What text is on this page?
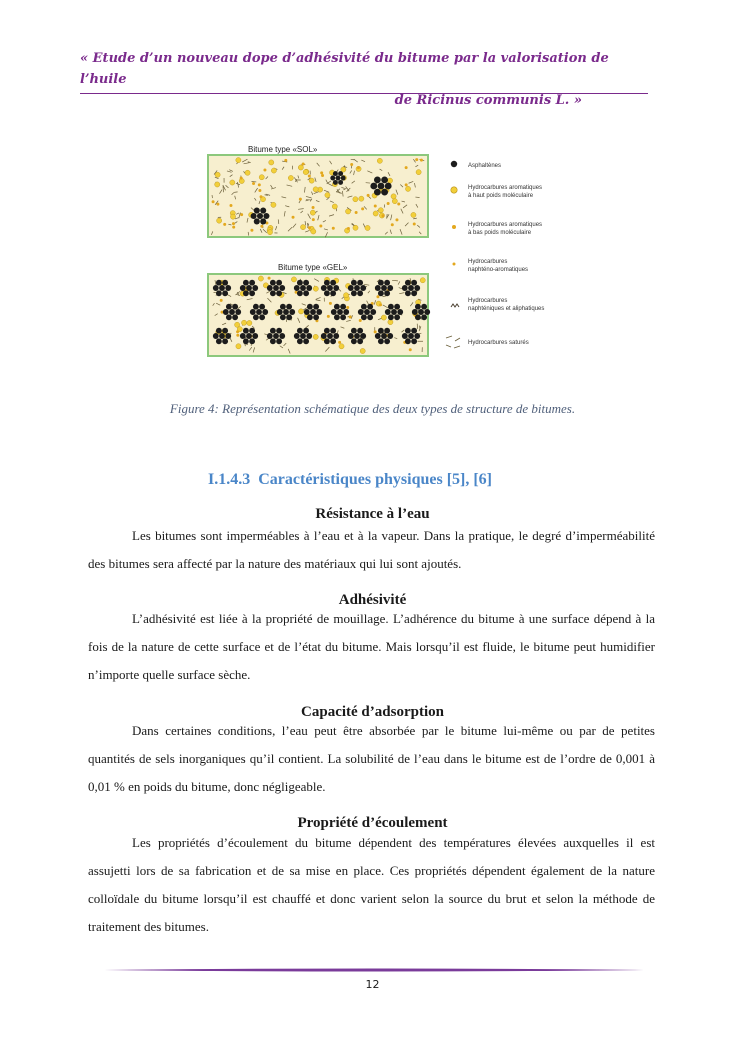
« Etude d’un nouveau dope d’adhésivité du bitume par la valorisation de l’huile
de Ricinus communis L. »
Bitume type «SOL»
Bitume type «GEL»
Asphaltènes
Hydrocarbures aromatiques
à haut poids moléculaire
Hydrocarbures aromatiques
à bas poids moléculaire
Hydrocarbures
naphténo-aromatiques
Hydrocarbures
naphténiques et aliphatiques
Hydrocarbures saturés
Figure 4: Représentation schématique des deux types de structure de bitumes.
I.1.4.3 Caractéristiques physiques [5], [6]
Résistance à l’eau

Les bitumes sont imperméables à l’eau et à la vapeur. Dans la pratique, le degré d’imperméabilité des bitumes sera affecté par la nature des matériaux qui lui sont ajoutés.

Adhésivité

L’adhésivité est liée à la propriété de mouillage. L’adhérence du bitume à une surface dépend à la fois de la nature de cette surface et de l’état du bitume. Mais lorsqu’il est fluide, le bitume peut humidifier n’importe quelle surface sèche.

Capacité d’adsorption

Dans certaines conditions, l’eau peut être absorbée par le bitume lui-même ou par de petites quantités de sels inorganiques qu’il contient. La solubilité de l’eau dans le bitume est de l’ordre de 0,001 à 0,01 % en poids du bitume, donc négligeable.

Propriété d’écoulement

Les propriétés d’écoulement du bitume dépendent des températures élevées auxquelles il est assujetti lors de sa fabrication et de sa mise en place. Ces propriétés dépendent également de la nature colloïdale du bitume lorsqu’il est chauffé et donc varient selon la source du brut et selon la méthode de traitement des bitumes.

12
